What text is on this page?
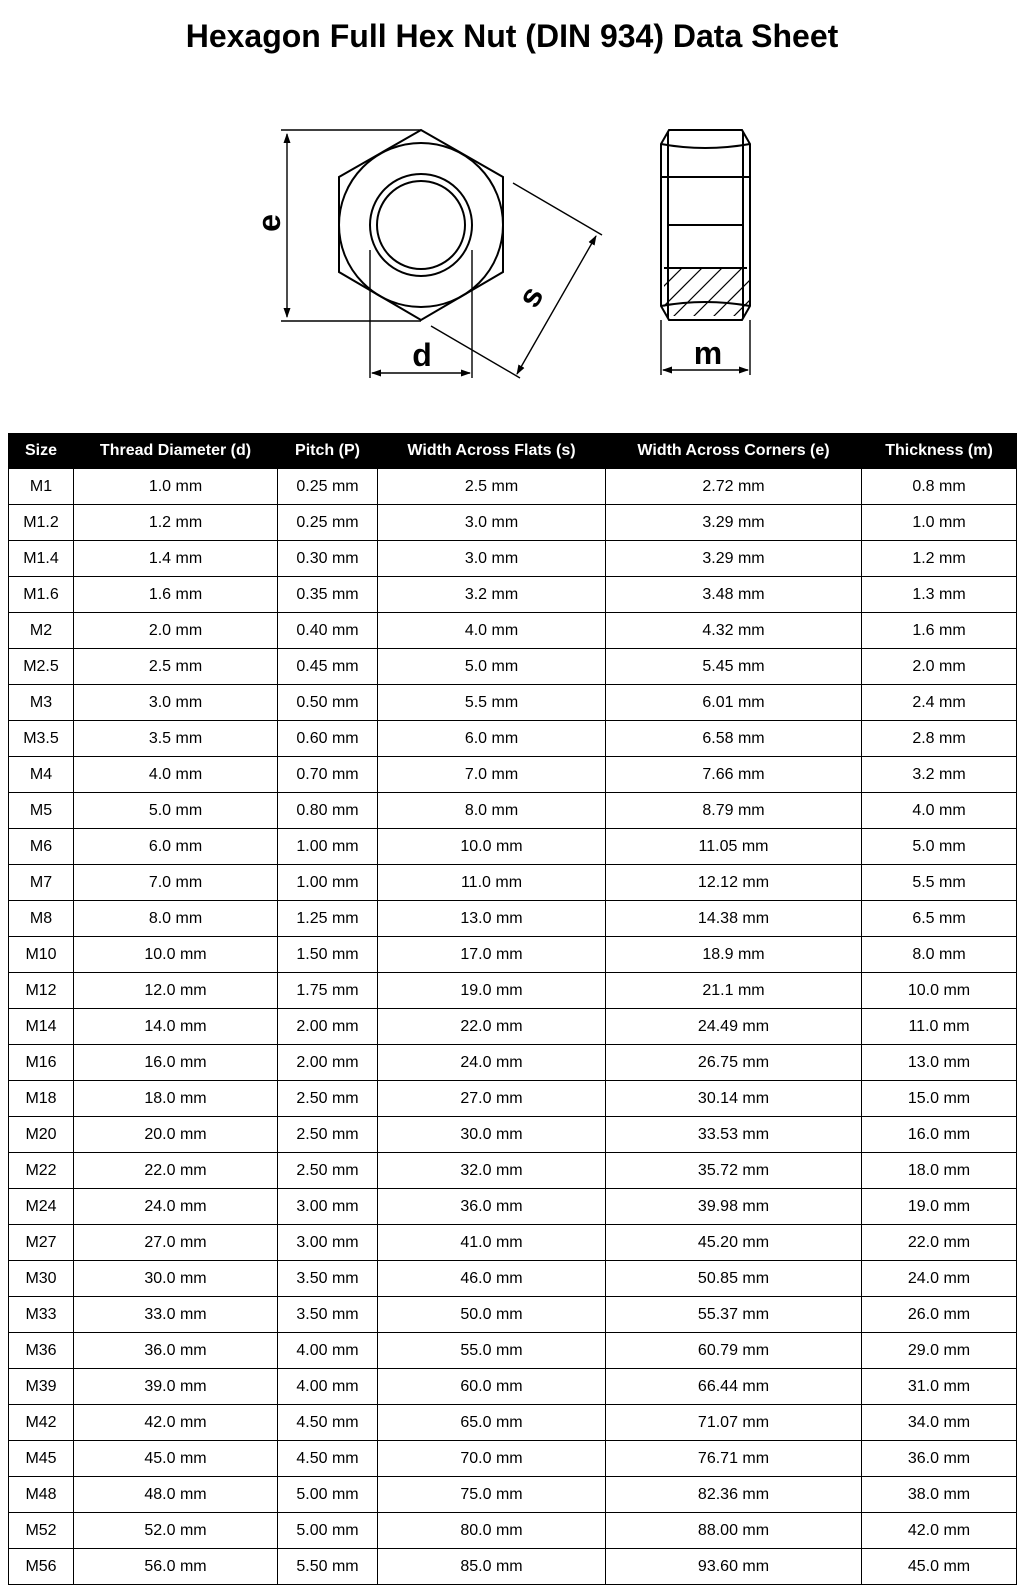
Hexagon Full Hex Nut (DIN 934) Data Sheet
e
d
s
m
Size	Thread Diameter (d)	Pitch (P)	Width Across Flats (s)	Width Across Corners (e)	Thickness (m)
M1	1.0 mm	0.25 mm	2.5 mm	2.72 mm	0.8 mm
M1.2	1.2 mm	0.25 mm	3.0 mm	3.29 mm	1.0 mm
M1.4	1.4 mm	0.30 mm	3.0 mm	3.29 mm	1.2 mm
M1.6	1.6 mm	0.35 mm	3.2 mm	3.48 mm	1.3 mm
M2	2.0 mm	0.40 mm	4.0 mm	4.32 mm	1.6 mm
M2.5	2.5 mm	0.45 mm	5.0 mm	5.45 mm	2.0 mm
M3	3.0 mm	0.50 mm	5.5 mm	6.01 mm	2.4 mm
M3.5	3.5 mm	0.60 mm	6.0 mm	6.58 mm	2.8 mm
M4	4.0 mm	0.70 mm	7.0 mm	7.66 mm	3.2 mm
M5	5.0 mm	0.80 mm	8.0 mm	8.79 mm	4.0 mm
M6	6.0 mm	1.00 mm	10.0 mm	11.05 mm	5.0 mm
M7	7.0 mm	1.00 mm	11.0 mm	12.12 mm	5.5 mm
M8	8.0 mm	1.25 mm	13.0 mm	14.38 mm	6.5 mm
M10	10.0 mm	1.50 mm	17.0 mm	18.9 mm	8.0 mm
M12	12.0 mm	1.75 mm	19.0 mm	21.1 mm	10.0 mm
M14	14.0 mm	2.00 mm	22.0 mm	24.49 mm	11.0 mm
M16	16.0 mm	2.00 mm	24.0 mm	26.75 mm	13.0 mm
M18	18.0 mm	2.50 mm	27.0 mm	30.14 mm	15.0 mm
M20	20.0 mm	2.50 mm	30.0 mm	33.53 mm	16.0 mm
M22	22.0 mm	2.50 mm	32.0 mm	35.72 mm	18.0 mm
M24	24.0 mm	3.00 mm	36.0 mm	39.98 mm	19.0 mm
M27	27.0 mm	3.00 mm	41.0 mm	45.20 mm	22.0 mm
M30	30.0 mm	3.50 mm	46.0 mm	50.85 mm	24.0 mm
M33	33.0 mm	3.50 mm	50.0 mm	55.37 mm	26.0 mm
M36	36.0 mm	4.00 mm	55.0 mm	60.79 mm	29.0 mm
M39	39.0 mm	4.00 mm	60.0 mm	66.44 mm	31.0 mm
M42	42.0 mm	4.50 mm	65.0 mm	71.07 mm	34.0 mm
M45	45.0 mm	4.50 mm	70.0 mm	76.71 mm	36.0 mm
M48	48.0 mm	5.00 mm	75.0 mm	82.36 mm	38.0 mm
M52	52.0 mm	5.00 mm	80.0 mm	88.00 mm	42.0 mm
M56	56.0 mm	5.50 mm	85.0 mm	93.60 mm	45.0 mm
